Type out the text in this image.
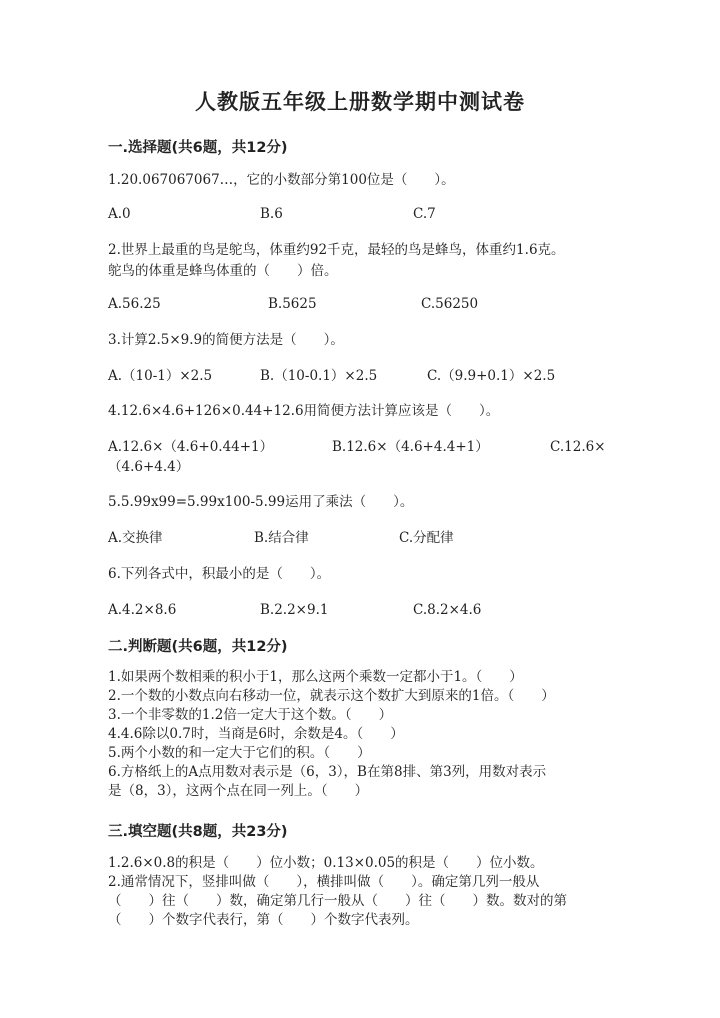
人教版五年级上册数学期中测试卷
一.选择题(共6题，共12分)
1.20.067067067…，它的小数部分第100位是（　　）。
A.0	B.6	C.7
2.世界上最重的鸟是鸵鸟，体重约92千克，最轻的鸟是蜂鸟，体重约1.6克。
鸵鸟的体重是蜂鸟体重的（　　）倍。
A.56.25	B.5625	C.56250
3.计算2.5×9.9的简便方法是（　　）。
A.（10-1）×2.5	B.（10-0.1）×2.5	C.（9.9+0.1）×2.5
4.12.6×4.6+126×0.44+12.6用简便方法计算应该是（　　）。
A.12.6×（4.6+0.44+1）	B.12.6×（4.6+4.4+1）	C.12.6×
（4.6+4.4）
5.5.99x99=5.99x100-5.99运用了乘法（　　）。
A.交换律	B.结合律	C.分配律
6.下列各式中，积最小的是（　　）。
A.4.2×8.6	B.2.2×9.1	C.8.2×4.6
二.判断题(共6题，共12分)
1.如果两个数相乘的积小于1，那么这两个乘数一定都小于1。（　　）
2.一个数的小数点向右移动一位，就表示这个数扩大到原来的1倍。（　　）
3.一个非零数的1.2倍一定大于这个数。（　　）
4.4.6除以0.7时，当商是6时，余数是4。（　　）
5.两个小数的和一定大于它们的积。（　　）
6.方格纸上的A点用数对表示是（6，3），B在第8排、第3列，用数对表示
是（8，3），这两个点在同一列上。（　　）
三.填空题(共8题，共23分)
1.2.6×0.8的积是（　　）位小数；0.13×0.05的积是（　　）位小数。
2.通常情况下，竖排叫做（　　），横排叫做（　　）。确定第几列一般从
（　　）往（　　）数，确定第几行一般从（　　）往（　　）数。数对的第
（　　）个数字代表行，第（　　）个数字代表列。
